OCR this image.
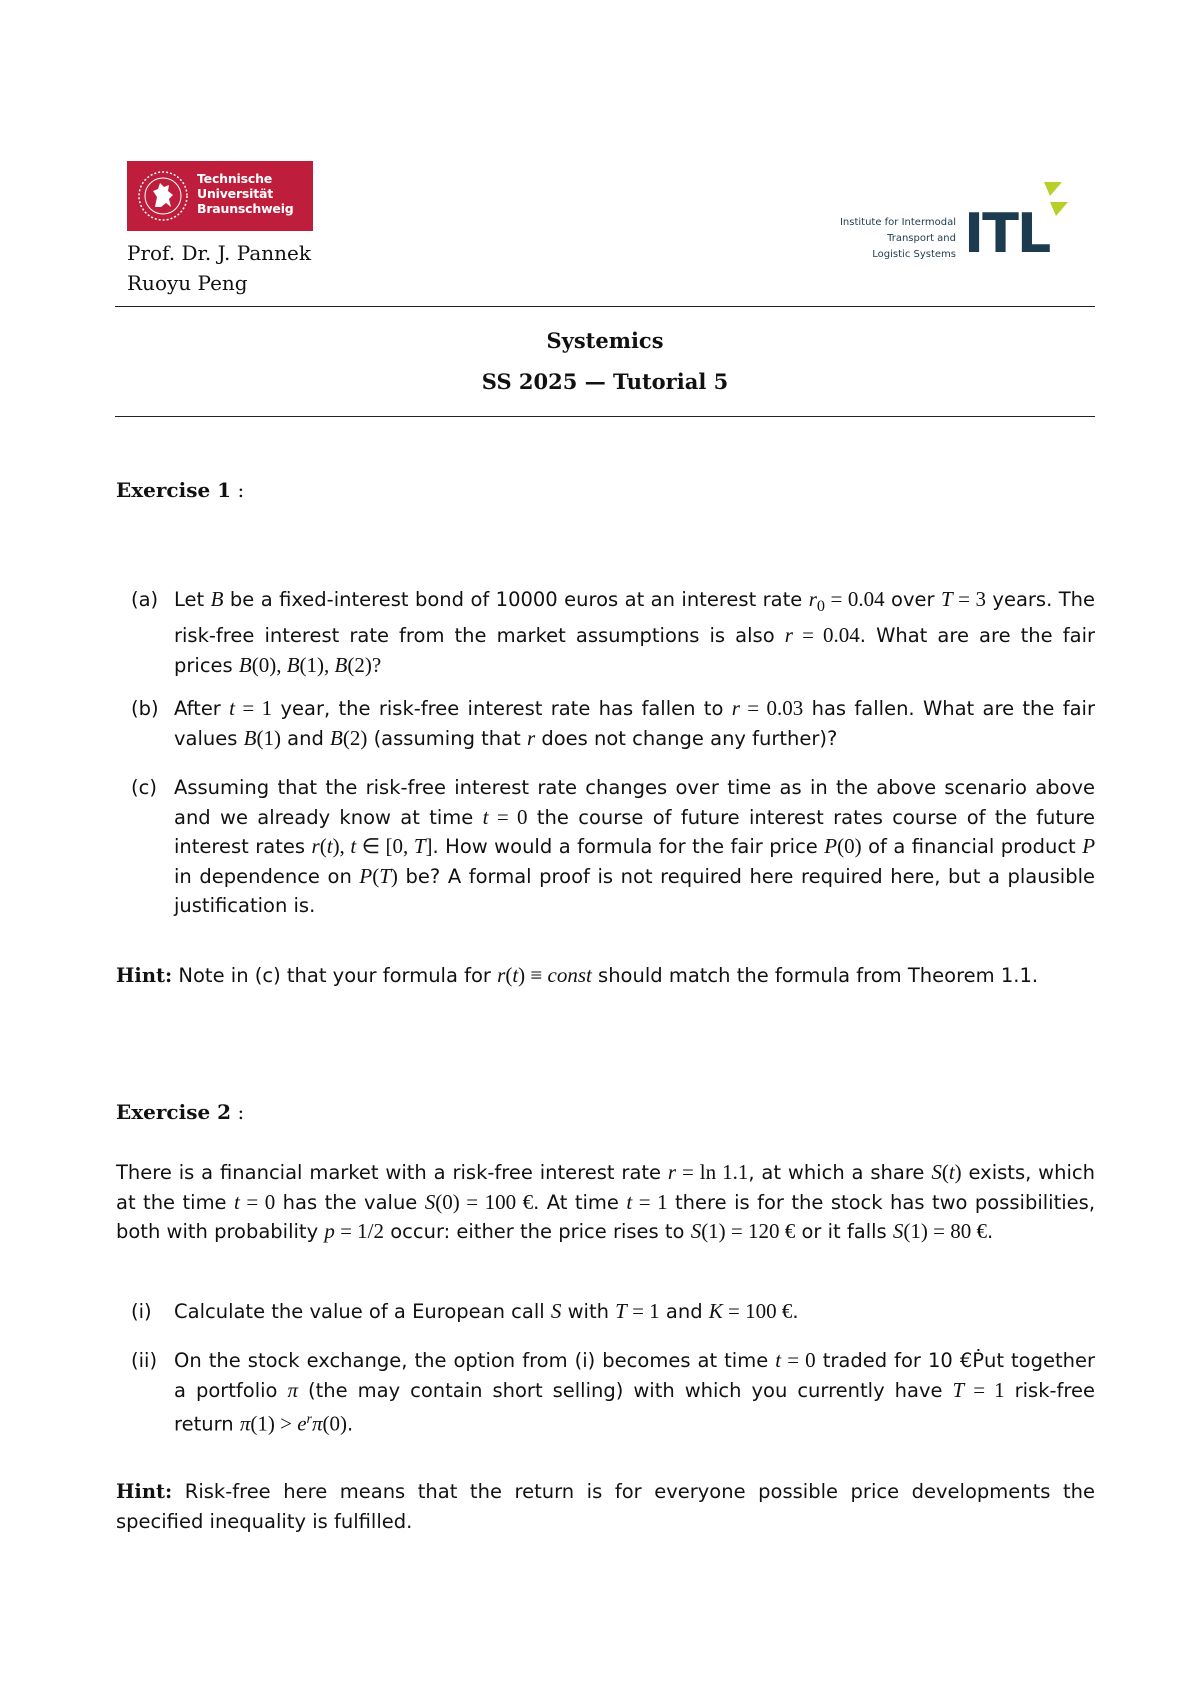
Technische
Universität
Braunschweig
Prof. Dr. J. Pannek
Ruoyu Peng
Institute for Intermodal
Transport and
Logistic Systems ITL
Systemics
SS 2025 — Tutorial 5
Exercise 1 :
(a) Let B be a fixed-interest bond of 10000 euros at an interest rate $r_0 = 0.04$ over T = 3 years. The risk-free interest rate from the market assumptions is also r = 0.04. What are are the fair prices B(0), B(1), B(2)?
(b) After t = 1 year, the risk-free interest rate has fallen to r = 0.03 has fallen. What are the fair values B(1) and B(2) (assuming that r does not change any further)?
(c) Assuming that the risk-free interest rate changes over time as in the above scenario above and we already know at time t = 0 the course of future interest rates course of the future interest rates r(t), t ∈ [0, T]. How would a formula for the fair price P(0) of a financial product P in dependence on P(T) be? A formal proof is not required here required here, but a plausible justification is.
Hint: Note in (c) that your formula for r(t) ≡ const should match the formula from Theorem 1.1.
Exercise 2 :
There is a financial market with a risk-free interest rate r = ln 1.1, at which a share S(t) exists, which at the time t = 0 has the value S(0) = 100 €. At time t = 1 there is for the stock has two possibilities, both with probability p = 1/2 occur: either the price rises to S(1) = 120 € or it falls S(1) = 80 €.
(i)	Calculate the value of a European call S with T = 1 and K = 100 €.
(ii) On the stock exchange, the option from (i) becomes at time t = 0 traded for 10 €Ṗut together a portfolio π (the may contain short selling) with which you currently have T = 1 risk-free return $\pi(1) > e^r\pi(0)$.
Hint: Risk-free here means that the return is for everyone possible price developments the specified inequality is fulfilled.
